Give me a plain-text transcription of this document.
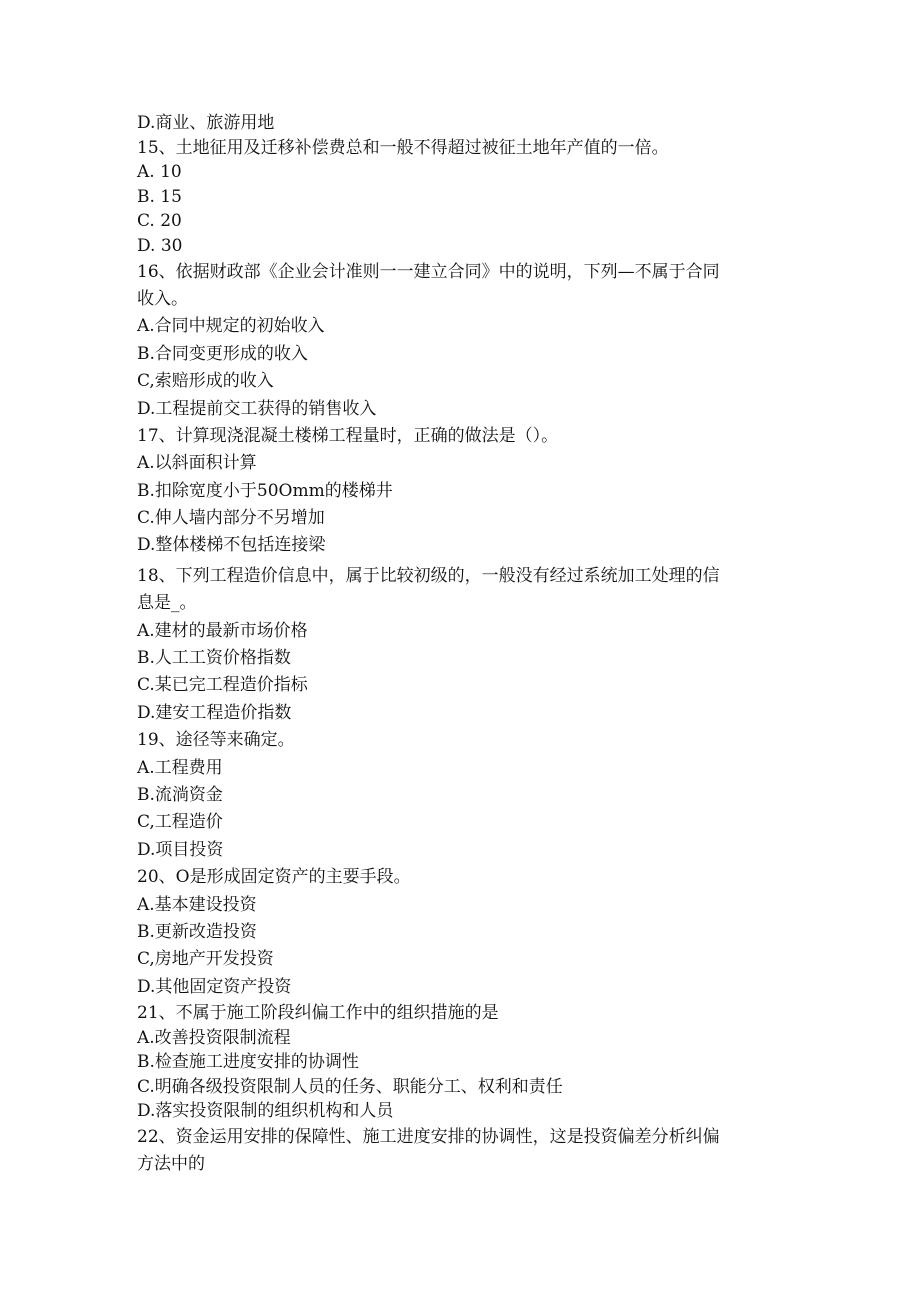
D.商业、旅游用地
15、土地征用及迁移补偿费总和一般不得超过被征土地年产值的一倍。
A. 10
B. 15
C. 20
D. 30
16、依据财政部《企业会计准则一一建立合同》中的说明，下列—不属于合同
收入。
A.合同中规定的初始收入
B.合同变更形成的收入
C,索赔形成的收入
D.工程提前交工获得的销售收入
17、计算现浇混凝土楼梯工程量时，正确的做法是（）。
A.以斜面积计算
B.扣除宽度小于50Omm的楼梯井
C.伸人墙内部分不另增加
D.整体楼梯不包括连接梁
18、下列工程造价信息中，属于比较初级的，一般没有经过系统加工处理的信
息是_。
A.建材的最新市场价格
B.人工工资价格指数
C.某已完工程造价指标
D.建安工程造价指数
19、途径等来确定。
A.工程费用
B.流淌资金
C,工程造价
D.项目投资
20、O是形成固定资产的主要手段。
A.基本建设投资
B.更新改造投资
C,房地产开发投资
D.其他固定资产投资
21、不属于施工阶段纠偏工作中的组织措施的是
A.改善投资限制流程
B.检查施工进度安排的协调性
C.明确各级投资限制人员的任务、职能分工、权利和责任
D.落实投资限制的组织机构和人员
22、资金运用安排的保障性、施工进度安排的协调性，这是投资偏差分析纠偏
方法中的
